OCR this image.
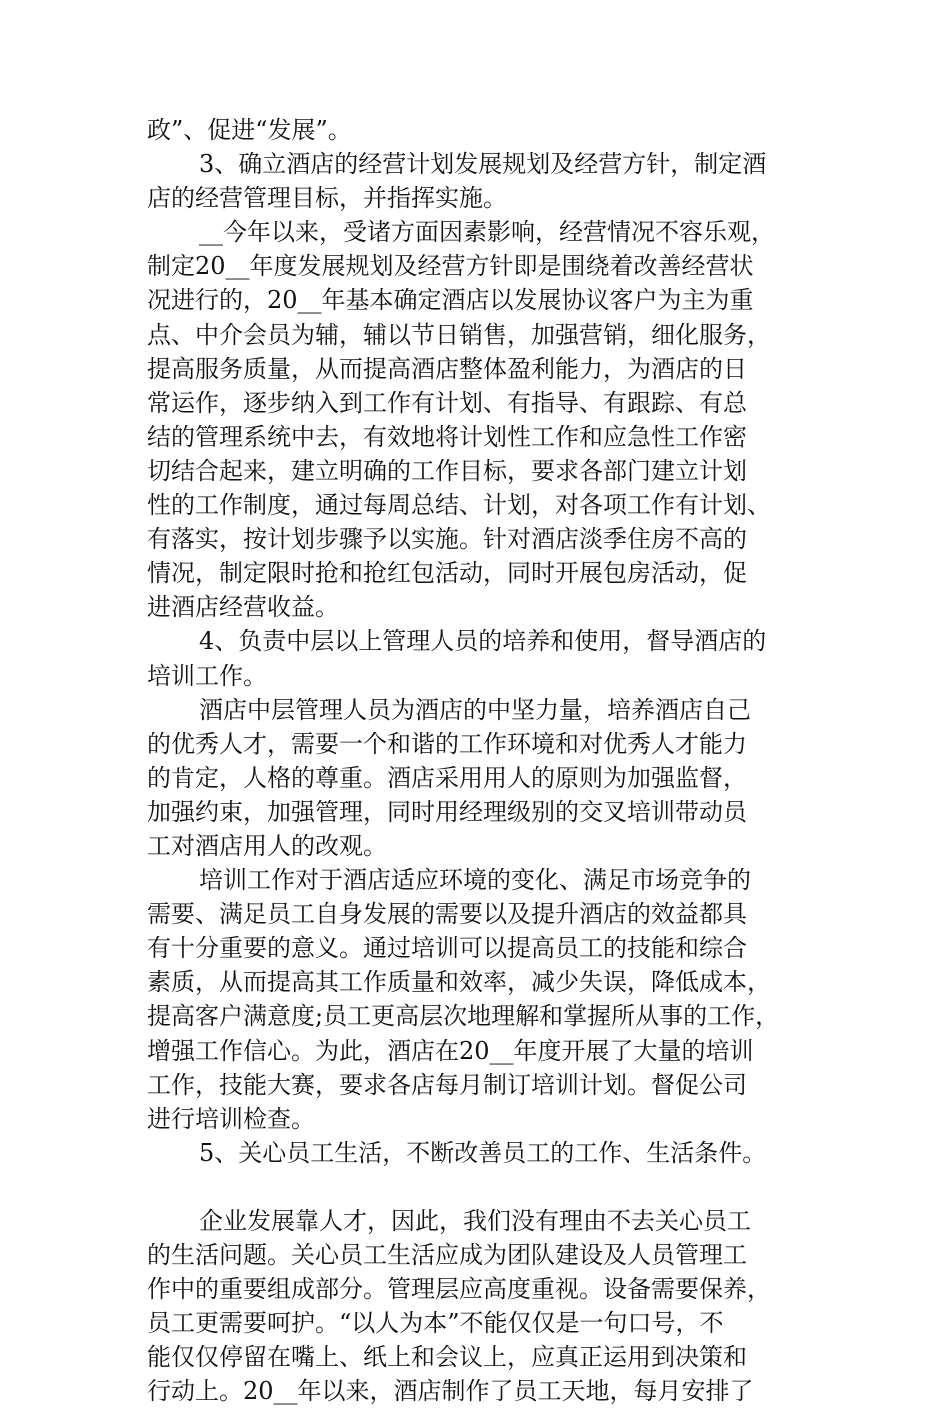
政”、促进“发展”。
3、确立酒店的经营计划发展规划及经营方针，制定酒
店的经营管理目标，并指挥实施。
__今年以来，受诸方面因素影响，经营情况不容乐观，
制定20__年度发展规划及经营方针即是围绕着改善经营状
况进行的，20__年基本确定酒店以发展协议客户为主为重
点、中介会员为辅，辅以节日销售，加强营销，细化服务，
提高服务质量，从而提高酒店整体盈利能力，为酒店的日
常运作，逐步纳入到工作有计划、有指导、有跟踪、有总
结的管理系统中去，有效地将计划性工作和应急性工作密
切结合起来，建立明确的工作目标，要求各部门建立计划
性的工作制度，通过每周总结、计划，对各项工作有计划、
有落实，按计划步骤予以实施。针对酒店淡季住房不高的
情况，制定限时抢和抢红包活动，同时开展包房活动，促
进酒店经营收益。
4、负责中层以上管理人员的培养和使用，督导酒店的
培训工作。
酒店中层管理人员为酒店的中坚力量，培养酒店自己
的优秀人才，需要一个和谐的工作环境和对优秀人才能力
的肯定，人格的尊重。酒店采用用人的原则为加强监督，
加强约束，加强管理，同时用经理级别的交叉培训带动员
工对酒店用人的改观。
培训工作对于酒店适应环境的变化、满足市场竞争的
需要、满足员工自身发展的需要以及提升酒店的效益都具
有十分重要的意义。通过培训可以提高员工的技能和综合
素质，从而提高其工作质量和效率，减少失误，降低成本，
提高客户满意度;员工更高层次地理解和掌握所从事的工作，
增强工作信心。为此，酒店在20__年度开展了大量的培训
工作，技能大赛，要求各店每月制订培训计划。督促公司
进行培训检查。
5、关心员工生活，不断改善员工的工作、生活条件。
企业发展靠人才，因此，我们没有理由不去关心员工
的生活问题。关心员工生活应成为团队建设及人员管理工
作中的重要组成部分。管理层应高度重视。设备需要保养，
员工更需要呵护。“以人为本”不能仅仅是一句口号，不
能仅仅停留在嘴上、纸上和会议上，应真正运用到决策和
行动上。20__年以来，酒店制作了员工天地，每月安排了
